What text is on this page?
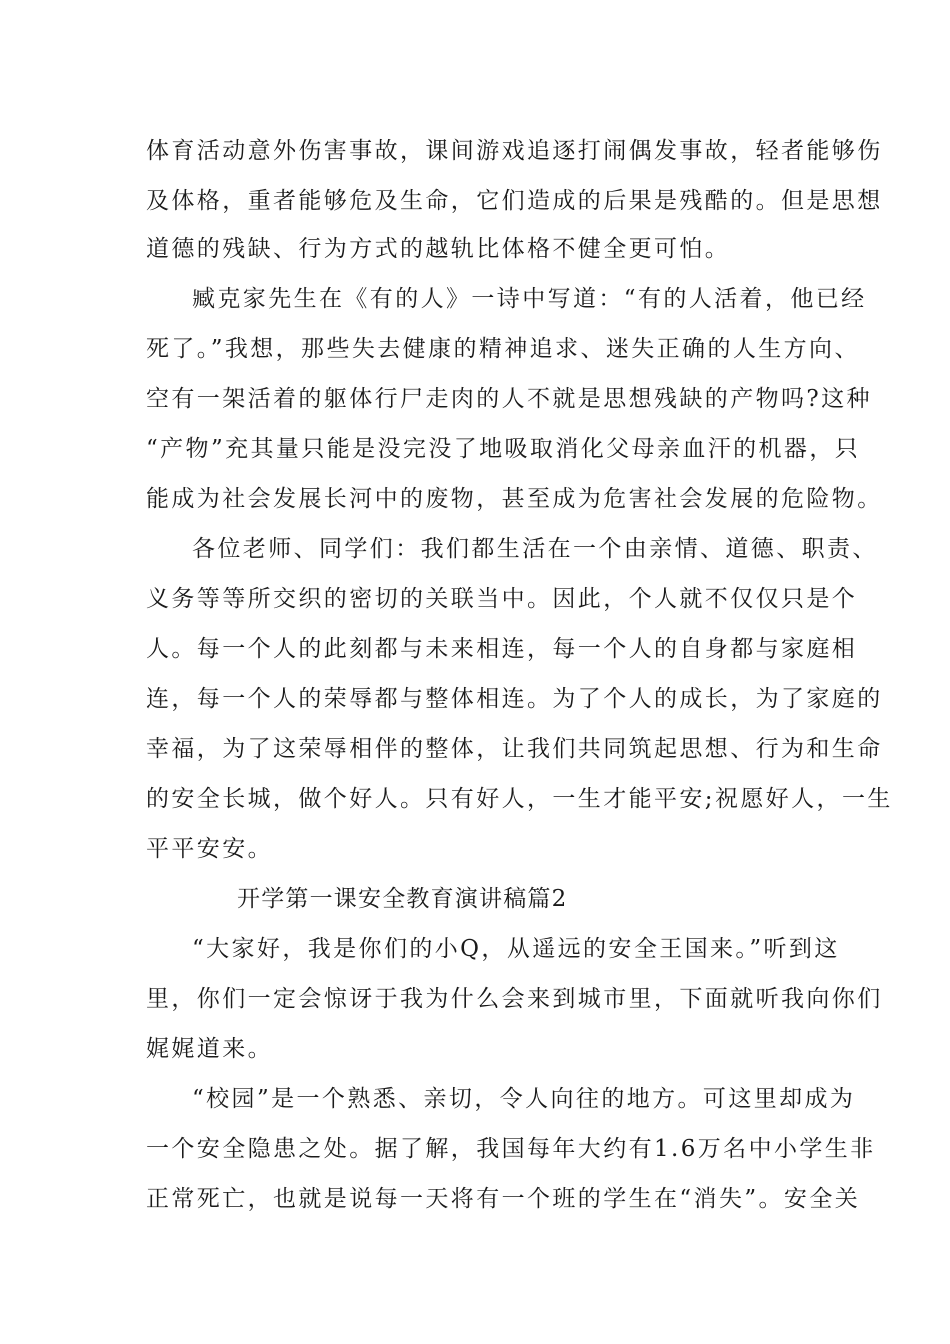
体育活动意外伤害事故，课间游戏追逐打闹偶发事故，轻者能够伤
及体格，重者能够危及生命，它们造成的后果是残酷的。但是思想
道德的残缺、行为方式的越轨比体格不健全更可怕。
臧克家先生在《有的人》一诗中写道：“有的人活着，他已经
死了。”我想，那些失去健康的精神追求、迷失正确的人生方向、
空有一架活着的躯体行尸走肉的人不就是思想残缺的产物吗?这种
“产物”充其量只能是没完没了地吸取消化父母亲血汗的机器，只
能成为社会发展长河中的废物，甚至成为危害社会发展的危险物。
各位老师、同学们：我们都生活在一个由亲情、道德、职责、
义务等等所交织的密切的关联当中。因此，个人就不仅仅只是个
人。每一个人的此刻都与未来相连，每一个人的自身都与家庭相
连，每一个人的荣辱都与整体相连。为了个人的成长，为了家庭的
幸福，为了这荣辱相伴的整体，让我们共同筑起思想、行为和生命
的安全长城，做个好人。只有好人，一生才能平安;祝愿好人，一生
平平安安。
开学第一课安全教育演讲稿篇2
“大家好，我是你们的小Q，从遥远的安全王国来。”听到这
里，你们一定会惊讶于我为什么会来到城市里，下面就听我向你们
娓娓道来。
“校园”是一个熟悉、亲切，令人向往的地方。可这里却成为
一个安全隐患之处。据了解，我国每年大约有1.6万名中小学生非
正常死亡，也就是说每一天将有一个班的学生在“消失”。安全关
